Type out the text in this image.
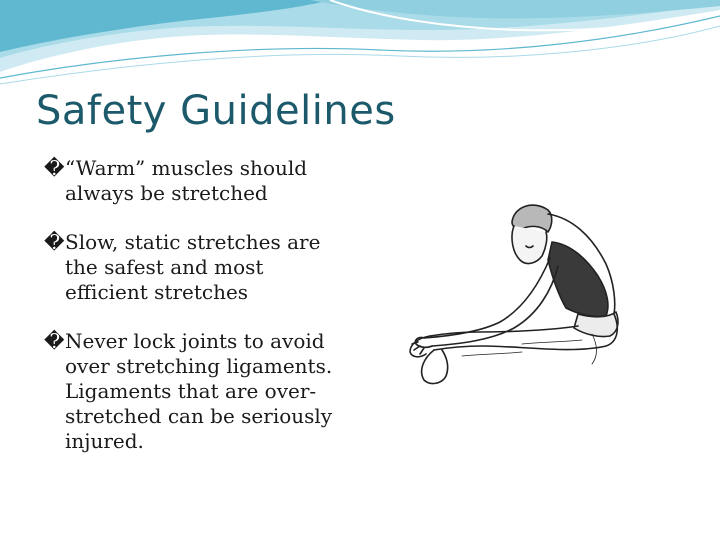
Safety Guidelines
� “Warm” muscles should always be stretched
� Slow, static stretches are the safest and most efficient stretches
� Never lock joints to avoid over stretching ligaments. Ligaments that are over-stretched can be seriously injured.
